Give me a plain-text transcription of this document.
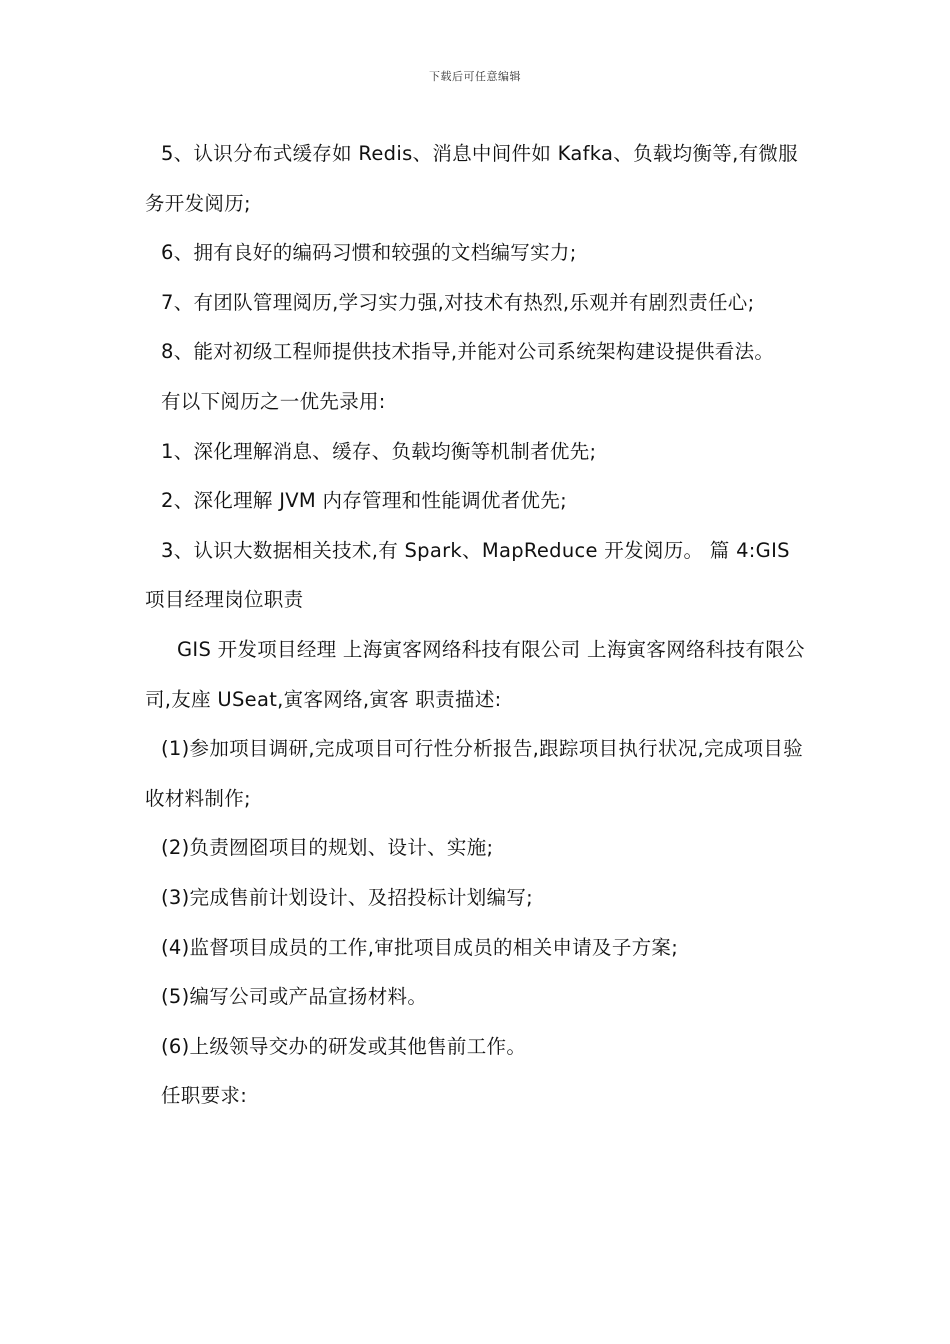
下载后可任意编辑

5、认识分布式缓存如 Redis、消息中间件如 Kafka、负载均衡等,有微服务开发阅历;

6、拥有良好的编码习惯和较强的文档编写实力;

7、有团队管理阅历,学习实力强,对技术有热烈,乐观并有剧烈责任心;

8、能对初级工程师提供技术指导,并能对公司系统架构建设提供看法。

有以下阅历之一优先录用:

1、深化理解消息、缓存、负载均衡等机制者优先;

2、深化理解 JVM 内存管理和性能调优者优先;

3、认识大数据相关技术,有 Spark、MapReduce 开发阅历。 篇 4:GIS 项目经理岗位职责

GIS 开发项目经理 上海寅客网络科技有限公司 上海寅客网络科技有限公司,友座 USeat,寅客网络,寅客 职责描述:

(1)参加项目调研,完成项目可行性分析报告,跟踪项目执行状况,完成项目验收材料制作;

(2)负责囫囵项目的规划、设计、实施;

(3)完成售前计划设计、及招投标计划编写;

(4)监督项目成员的工作,审批项目成员的相关申请及子方案;

(5)编写公司或产品宣扬材料。

(6)上级领导交办的研发或其他售前工作。

任职要求:
